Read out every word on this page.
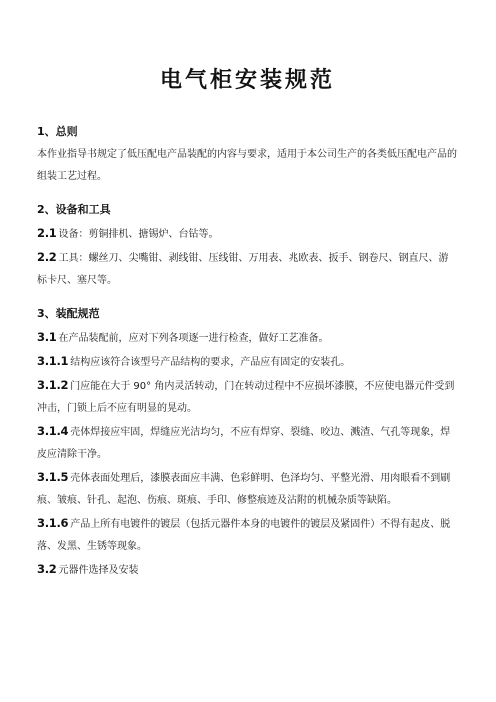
电气柜安装规范
1、总则

本作业指导书规定了低压配电产品装配的内容与要求，适用于本公司生产的各类低压配电产品的组装工艺过程。

2、设备和工具

2.1 设备：剪铜排机、搪锡炉、台钻等。

2.2 工具：螺丝刀、尖嘴钳、剥线钳、压线钳、万用表、兆欧表、扳手、钢卷尺、钢直尺、游标卡尺、塞尺等。

3、装配规范

3.1 在产品装配前，应对下列各项逐一进行检查，做好工艺准备。

3.1.1 结构应该符合该型号产品结构的要求，产品应有固定的安装孔。

3.1.2 门应能在大于 90° 角内灵活转动，门在转动过程中不应损坏漆膜，不应使电器元件受到冲击，门锁上后不应有明显的晃动。

3.1.4 壳体焊接应牢固，焊缝应光洁均匀，不应有焊穿、裂缝、咬边、溅渣、气孔等现象，焊皮应清除干净。

3.1.5 壳体表面处理后，漆膜表面应丰满、色彩鲜明、色泽均匀、平整光滑、用肉眼看不到刷痕、皱痕、针孔、起泡、伤痕、斑痕、手印、修整痕迹及沾附的机械杂质等缺陷。

3.1.6 产品上所有电镀件的镀层（包括元器件本身的电镀件的镀层及紧固件）不得有起皮、脱落、发黑、生锈等现象。

3.2 元器件选择及安装
